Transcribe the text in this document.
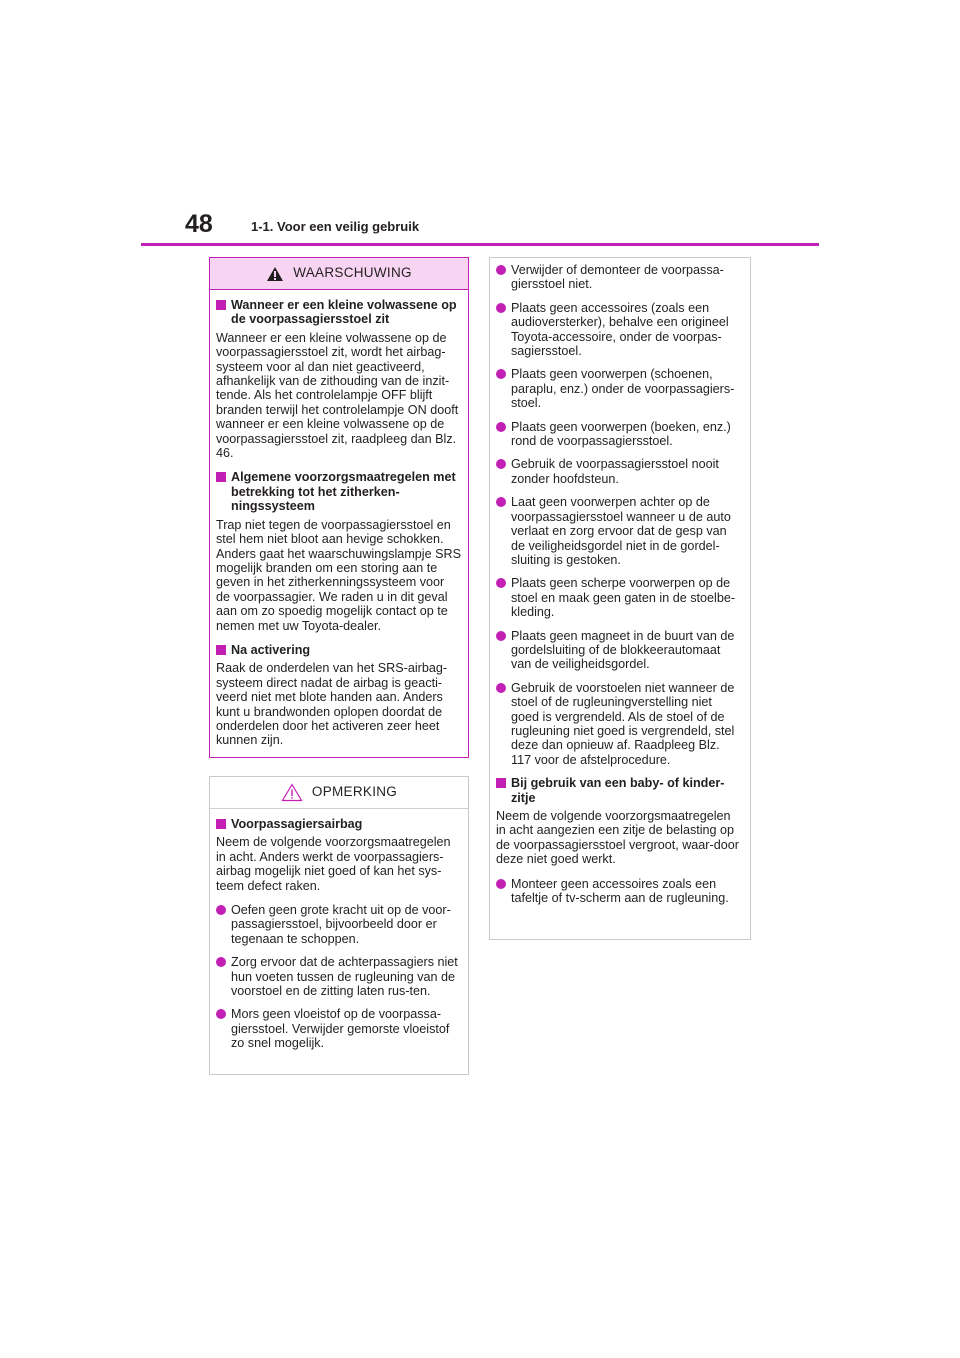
48	1-1. Voor een veilig gebruik
WAARSCHUWING
Wanneer er een kleine volwassene op de voorpassagiersstoel zit

Wanneer er een kleine volwassene op de voorpassagiersstoel zit, wordt het airbag-systeem voor al dan niet geactiveerd, afhankelijk van de zithouding van de inzit-tende. Als het controlelampje OFF blijft branden terwijl het controlelampje ON dooft wanneer er een kleine volwassene op de voorpassagiersstoel zit, raadpleeg dan Blz. 46.

Algemene voorzorgsmaatregelen met betrekking tot het zitherken-ningssysteem

Trap niet tegen de voorpassagiersstoel en stel hem niet bloot aan hevige schokken. Anders gaat het waarschuwingslampje SRS mogelijk branden om een storing aan te geven in het zitherkenningssysteem voor de voorpassagier. We raden u in dit geval aan om zo spoedig mogelijk contact op te nemen met uw Toyota-dealer.

Na activering

Raak de onderdelen van het SRS-airbag-systeem direct nadat de airbag is geacti-veerd niet met blote handen aan. Anders kunt u brandwonden oplopen doordat de onderdelen door het activeren zeer heet kunnen zijn.

OPMERKING
Voorpassagiersairbag

Neem de volgende voorzorgsmaatregelen in acht. Anders werkt de voorpassagiers-airbag mogelijk niet goed of kan het sys-teem defect raken.

Oefen geen grote kracht uit op de voor-passagiersstoel, bijvoorbeeld door er tegenaan te schoppen.
Zorg ervoor dat de achterpassagiers niet hun voeten tussen de rugleuning van de voorstoel en de zitting laten rus-ten.
Mors geen vloeistof op de voorpassa-giersstoel. Verwijder gemorste vloeistof zo snel mogelijk.
Verwijder of demonteer de voorpassa-giersstoel niet.
Plaats geen accessoires (zoals een audioversterker), behalve een origineel Toyota-accessoire, onder de voorpas-sagiersstoel.
Plaats geen voorwerpen (schoenen, paraplu, enz.) onder de voorpassagiers-stoel.
Plaats geen voorwerpen (boeken, enz.) rond de voorpassagiersstoel.
Gebruik de voorpassagiersstoel nooit zonder hoofdsteun.
Laat geen voorwerpen achter op de voorpassagiersstoel wanneer u de auto verlaat en zorg ervoor dat de gesp van de veiligheidsgordel niet in de gordel-sluiting is gestoken.
Plaats geen scherpe voorwerpen op de stoel en maak geen gaten in de stoelbe-kleding.
Plaats geen magneet in de buurt van de gordelsluiting of de blokkeerautomaat van de veiligheidsgordel.
Gebruik de voorstoelen niet wanneer de stoel of de rugleuningverstelling niet goed is vergrendeld. Als de stoel of de rugleuning niet goed is vergrendeld, stel deze dan opnieuw af. Raadpleeg Blz. 117 voor de afstelprocedure.
Bij gebruik van een baby- of kinder-zitje

Neem de volgende voorzorgsmaatregelen in acht aangezien een zitje de belasting op de voorpassagiersstoel vergroot, waar-door deze niet goed werkt.

Monteer geen accessoires zoals een tafeltje of tv-scherm aan de rugleuning.
